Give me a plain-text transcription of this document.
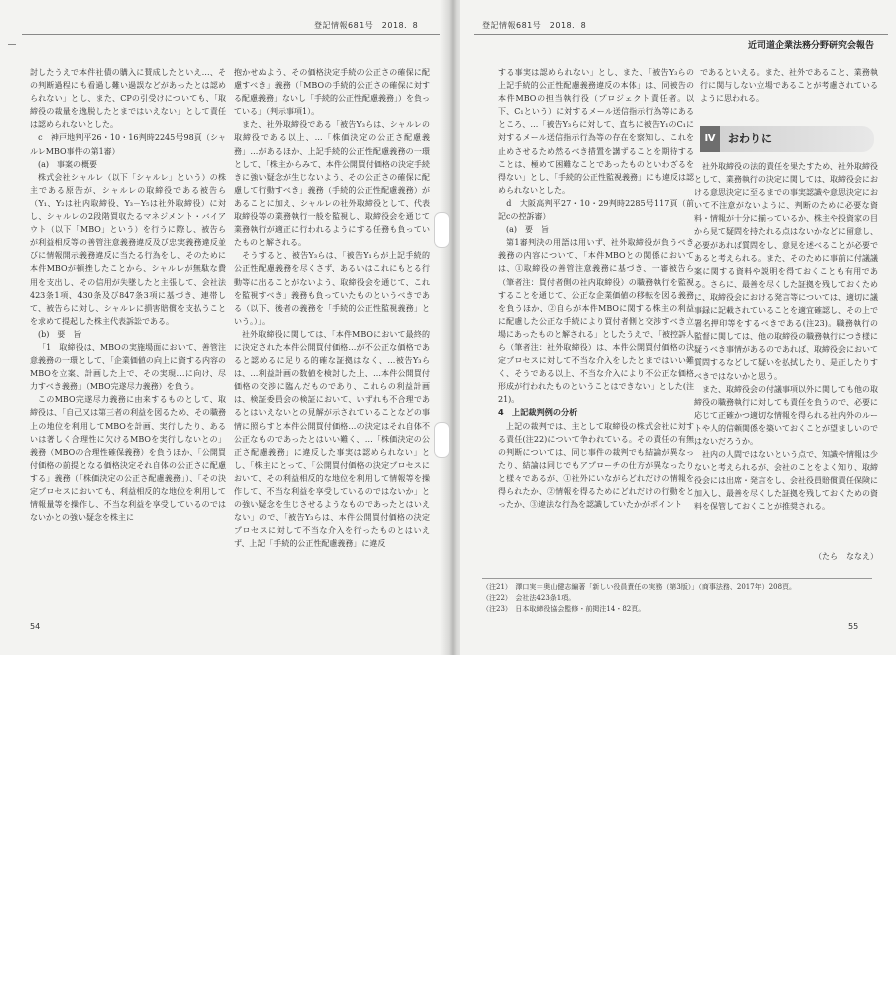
登記情報681号　2018．8

討したうえで本件社債の購入に賛成したといえ…、その判断過程にも看過し難い過誤などがあったとは認められない」とし、また、CPの引受けについても、「取締役の裁量を逸脱したとまではいえない」として責任は認められないとした。

　c　神戸地判平26・10・16判時2245号98頁（シャルレMBO事件の第1審）

　(a)　事案の概要

株式会社シャルレ（以下「シャルレ」という）の株主である原告が、シャルレの取締役である被告ら（Y₁、Y₂は社内取締役、Y₃－Y₅は社外取締役）に対し、シャルレの2段階買収たるマネジメント・バイアウト（以下「MBO」という）を行うに際し、被告らが利益相反等の善管注意義務違反及び忠実義務違反並びに情報開示義務違反に当たる行為をし、そのために本件MBOが頓挫したことから、シャルレが無駄な費用を支出し、その信用が失墜したと主張して、会社法423条1項、430条及び847条3項に基づき、連帯して、被告らに対し、シャルレに損害賠償を支払うことを求めて提起した株主代表訴訟である。

　(b)　要　旨

「1　取締役は、MBOの実施場面において、善管注意義務の一環として、「企業価値の向上に資する内容のMBOを立案、計画した上で、その実現…に向け、尽力すべき義務」（MBO完遂尽力義務）を負う。

このMBO完遂尽力義務に由来するものとして、取締役は、「自己又は第三者の利益を図るため、その職務上の地位を利用してMBOを計画、実行したり、あるいは著しく合理性に欠けるMBOを実行しないとの」義務（MBOの合理性確保義務）を負うほか、「公開買付価格の前提となる価格決定それ自体の公正さに配慮する」義務（「株価決定の公正さ配慮義務」）、「その決定プロセスにおいても、利益相反的な地位を利用して情報量等を操作し、不当な利益を享受しているのではないかとの強い疑念を株主に

抱かせぬよう、その価格決定手続の公正さの確保に配慮すべき」義務（「MBOの手続的公正さの確保に対する配慮義務」ないし「手続的公正性配慮義務」）を負っている」（判示事項1）。

また、社外取締役である「被告Y₃らは、シャルレの取締役である以上、…「株価決定の公正さ配慮義務」…があるほか、上記手続的公正性配慮義務の一環として、「株主からみて、本件公開買付価格の決定手続きに強い疑念が生じないよう、その公正さの確保に配慮して行動すべき」義務（手続的公正性配慮義務）があることに加え、シャルレの社外取締役として、代表取締役等の業務執行一般を監視し、取締役会を通じて業務執行が適正に行われるようにする任務も負っていたものと解される。

そうすると、被告Y₃らは、「被告Y₁らが上記手続的公正性配慮義務を尽くさず、あるいはこれにもとる行動等に出ることがないよう、取締役会を通じて、これを監視すべき」義務も負っていたものというべきである（以下、後者の義務を「手続的公正性監視義務」という。）」。

社外取締役に関しては、「本件MBOにおいて最終的に決定された本件公開買付価格…が不公正な価格であると認めるに足りる的確な証拠はなく、…被告Y₃らは、…利益計画の数値を検討した上、…本件公開買付価格の交渉に臨んだものであり、これらの利益計画は、検証委員会の検証において、いずれも不合理であるとはいえないとの見解が示されていることなどの事情に照らすと本件公開買付価格…の決定はそれ自体不公正なものであったとはいい難く、…「株価決定の公正さ配慮義務」に違反した事実は認められない」とし、「株主にとって、「公開買付価格の決定プロセスにおいて、その利益相反的な地位を利用して情報等を操作して、不当な利益を享受しているのではないか」との強い疑念を生じさせるようなものであったとはいえない」ので、「被告Y₃らは、本件公開買付価格の決定プロセスに対して不当な介入を行ったものとはいえず、上記「手続的公正性配慮義務」に違反

54
登記情報681号　2018．8
近司道企業法務分野研究会報告

する事実は認められない」とし、また、「被告Y₃らの上記手続的公正性配慮義務違反の本体」は、同被告の本件MBOの担当執行役（プロジェクト責任者。以下、C₁という）に対するメール送信指示行為等にあるところ、…「被告Y₃らに対して、直ちに被告Y₁のC₁に対するメール送信指示行為等の存在を察知し、これを止めさせるため然るべき措置を講ずることを期待することは、極めて困難なことであったものといわざるを得ない」とし、「手続的公正性監視義務」にも違反は認められないとした。

　d　大阪高判平27・10・29判時2285号117頁（前記cの控訴審）

　(a)　要　旨

第1審判決の用語は用いず、社外取締役が負うべき義務の内容について、「本件MBOとの関係においては、①取締役の善管注意義務に基づき、一審被告ら（筆者注：買付者側の社内取締役）の職務執行を監視することを通じて、公正な企業価値の移転を図る義務を負うほか、②自らが本件MBOに関する株主の利益に配慮した公正な手続により買付者側と交渉すべき立場にあったものと解される」としたうえで、「被控訴人ら（筆者注：社外取締役）は、本件公開買付価格の決定プロセスに対して不当な介入をしたとまではいい難く、そうである以上、不当な介入により不公正な価格形成が行われたものということはできない」とした(注21)。

4　上記裁判例の分析

上記の裁判では、主として取締役の株式会社に対する責任(注22)について争われている。その責任の有無の判断については、同じ事件の裁判でも結論が異なったり、結論は同じでもアプローチの仕方が異なったりと様々であるが、①社外にいながらどれだけの情報を得られたか、②情報を得るためにどれだけの行動をとったか、③違法な行為を認識していたかがポイント

であるといえる。また、社外であること、業務執行に関与しない立場であることが考慮されているように思われる。

社外取締役の法的責任を果たすため、社外取締役として、業務執行の決定に関しては、取締役会における意思決定に至るまでの事実認識や意思決定において不注意がないように、判断のために必要な資料・情報が十分に揃っているか、株主や投資家の目から見て疑問を持たれる点はないかなどに留意し、必要があれば質問をし、意見を述べることが必要であると考えられる。また、そのために事前に付議議案に関する資料や説明を得ておくことも有用である。さらに、最善を尽くした証拠を残しておくために、取締役会における発言等については、適切に議事録に記載されていることを適宜確認し、その上で署名押印等をするべきである(注23)。職務執行の監督に関しては、他の取締役の職務執行につき様に疑うべき事情があるのであれば、取締役会において質問するなどして疑いを払拭したり、是正したりすべきではないかと思う。

また、取締役会の付議事項以外に関しても他の取締役の職務執行に対しても責任を負うので、必要に応じて正確かつ適切な情報を得られる社内外のルートや人的信頼関係を築いておくことが望ましいのではないだろうか。

社内の人間ではないという点で、知識や情報は少ないと考えられるが、会社のことをよく知り、取締役会には出席・発言をし、会社役員賠償責任保険に加入し、最善を尽くした証拠を残しておくための資料を保管しておくことが推奨される。

（たら　ななえ）
55
Ⅳ	おわりに
（注21）　澤口実＝奥山健志編著「新しい役員責任の実務（第3版）」（商事法務、2017年）208頁。
（注22）　会社法423条1項。
（注23）　日本取締役協会監修・前掲注14・82頁。
